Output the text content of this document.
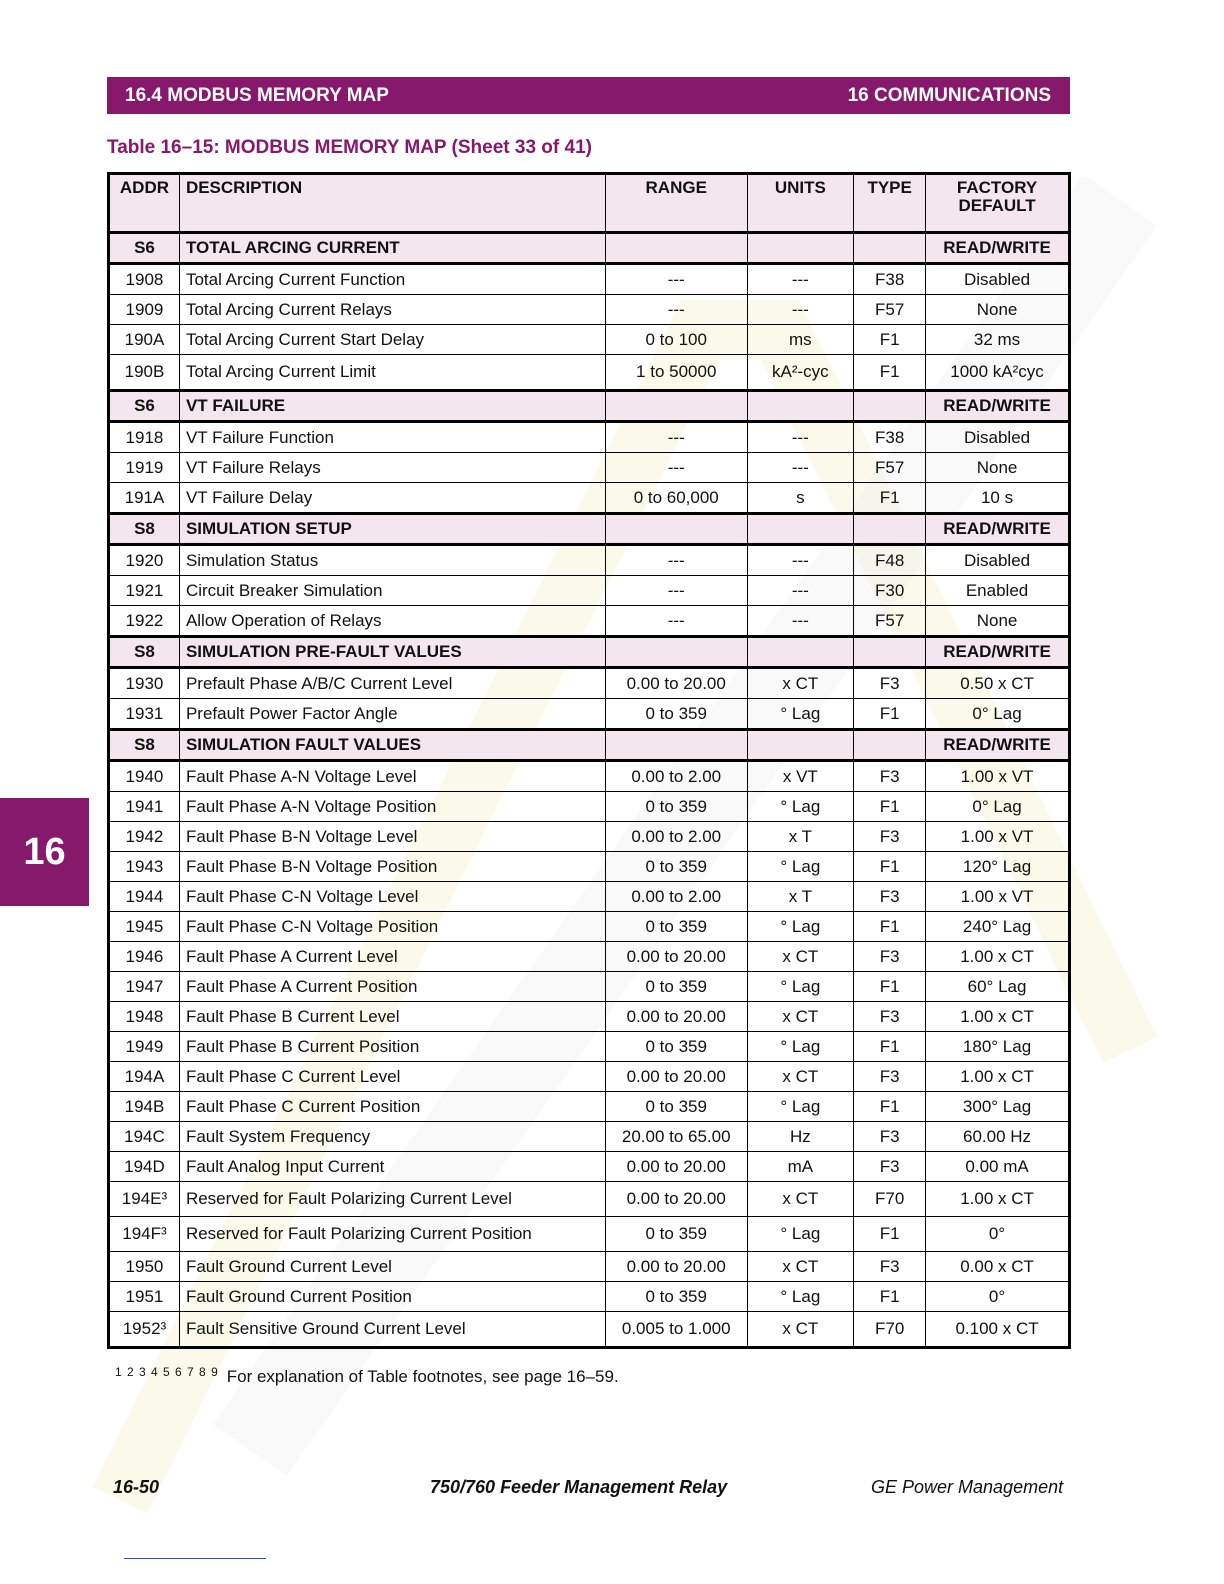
16.4 MODBUS MEMORY MAP	16 COMMUNICATIONS
Table 16–15: MODBUS MEMORY MAP (Sheet 33 of 41)
16
ADDR	DESCRIPTION	RANGE	UNITS	TYPE	FACTORY DEFAULT
S6	TOTAL ARCING CURRENT				READ/WRITE
1908	Total Arcing Current Function	---	---	F38	Disabled
1909	Total Arcing Current Relays	---	---	F57	None
190A	Total Arcing Current Start Delay	0 to 100	ms	F1	32 ms
190B	Total Arcing Current Limit	1 to 50000	kA²-cyc	F1	1000 kA²cyc
S6	VT FAILURE				READ/WRITE
1918	VT Failure Function	---	---	F38	Disabled
1919	VT Failure Relays	---	---	F57	None
191A	VT Failure Delay	0 to 60,000	s	F1	10 s
S8	SIMULATION SETUP				READ/WRITE
1920	Simulation Status	---	---	F48	Disabled
1921	Circuit Breaker Simulation	---	---	F30	Enabled
1922	Allow Operation of Relays	---	---	F57	None
S8	SIMULATION PRE-FAULT VALUES				READ/WRITE
1930	Prefault Phase A/B/C Current Level	0.00 to 20.00	x CT	F3	0.50 x CT
1931	Prefault Power Factor Angle	0 to 359	° Lag	F1	0° Lag
S8	SIMULATION FAULT VALUES				READ/WRITE
1940	Fault Phase A-N Voltage Level	0.00 to 2.00	x VT	F3	1.00 x VT
1941	Fault Phase A-N Voltage Position	0 to 359	° Lag	F1	0° Lag
1942	Fault Phase B-N Voltage Level	0.00 to 2.00	x T	F3	1.00 x VT
1943	Fault Phase B-N Voltage Position	0 to 359	° Lag	F1	120° Lag
1944	Fault Phase C-N Voltage Level	0.00 to 2.00	x T	F3	1.00 x VT
1945	Fault Phase C-N Voltage Position	0 to 359	° Lag	F1	240° Lag
1946	Fault Phase A Current Level	0.00 to 20.00	x CT	F3	1.00 x CT
1947	Fault Phase A Current Position	0 to 359	° Lag	F1	60° Lag
1948	Fault Phase B Current Level	0.00 to 20.00	x CT	F3	1.00 x CT
1949	Fault Phase B Current Position	0 to 359	° Lag	F1	180° Lag
194A	Fault Phase C Current Level	0.00 to 20.00	x CT	F3	1.00 x CT
194B	Fault Phase C Current Position	0 to 359	° Lag	F1	300° Lag
194C	Fault System Frequency	20.00 to 65.00	Hz	F3	60.00 Hz
194D	Fault Analog Input Current	0.00 to 20.00	mA	F3	0.00 mA
194E³	Reserved for Fault Polarizing Current Level	0.00 to 20.00	x CT	F70	1.00 x CT
194F³	Reserved for Fault Polarizing Current Position	0 to 359	° Lag	F1	0°
1950	Fault Ground Current Level	0.00 to 20.00	x CT	F3	0.00 x CT
1951	Fault Ground Current Position	0 to 359	° Lag	F1	0°
1952³	Fault Sensitive Ground Current Level	0.005 to 1.000	x CT	F70	0.100 x CT
$^{1 2 3 4 5 6 7 8 9}$ For explanation of Table footnotes, see page 16–59.
16-50	750/760 Feeder Management Relay	GE Power Management
